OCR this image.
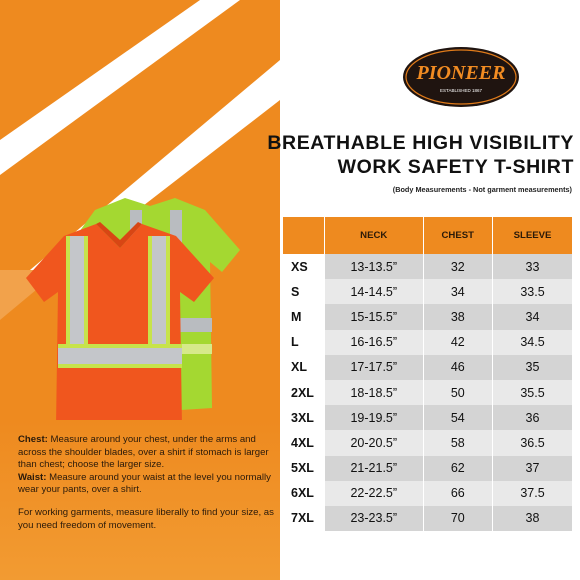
Chest: Measure around your chest, under the arms and across the shoulder blades, over a shirt if stomach is larger than chest; choose the larger size.
Waist: Measure around your waist at the level you normally wear your pants, over a shirt.

For working garments, measure liberally to find your size, as you need freedom of movement.

PIONEER
ESTABLISHED 1867
BREATHABLE HIGH VISIBILITY
WORK SAFETY T-SHIRT
(Body Measurements - Not garment measurements)
	NECK	CHEST	SLEEVE
XS	13-13.5”	32	33
S	14-14.5”	34	33.5
M	15-15.5”	38	34
L	16-16.5”	42	34.5
XL	17-17.5”	46	35
2XL	18-18.5”	50	35.5
3XL	19-19.5”	54	36
4XL	20-20.5”	58	36.5
5XL	21-21.5”	62	37
6XL	22-22.5”	66	37.5
7XL	23-23.5”	70	38
